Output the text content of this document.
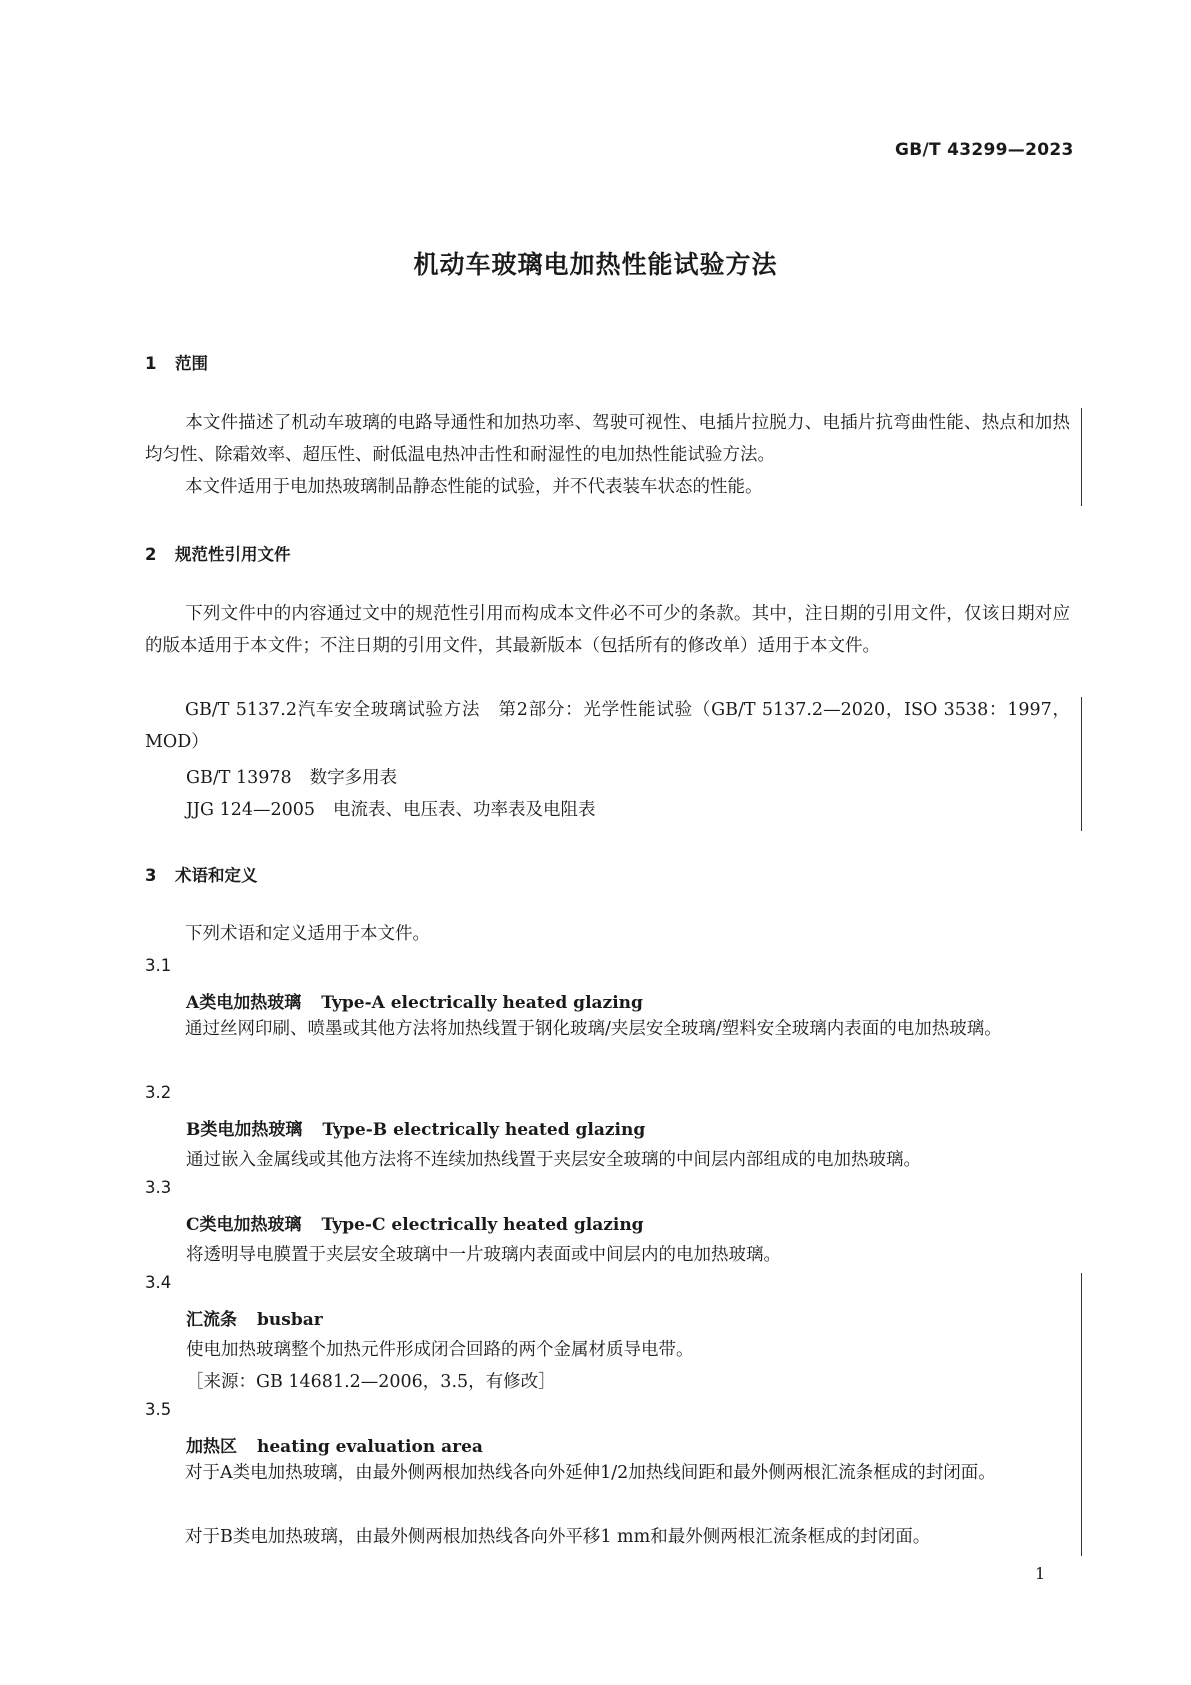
GB/T 43299—2023
机动车玻璃电加热性能试验方法
1 范围
本文件描述了机动车玻璃的电路导通性和加热功率、驾驶可视性、电插片拉脱力、电插片抗弯曲性能、热点和加热均匀性、除霜效率、超压性、耐低温电热冲击性和耐湿性的电加热性能试验方法。
本文件适用于电加热玻璃制品静态性能的试验，并不代表装车状态的性能。
2 规范性引用文件
下列文件中的内容通过文中的规范性引用而构成本文件必不可少的条款。其中，注日期的引用文件，仅该日期对应的版本适用于本文件；不注日期的引用文件，其最新版本（包括所有的修改单）适用于本文件。
GB/T 5137.2汽车安全玻璃试验方法　第2部分：光学性能试验（GB/T 5137.2—2020，ISO 3538：1997，MOD）
GB/T 13978 数字多用表
JJG 124—2005 电流表、电压表、功率表及电阻表
3 术语和定义
下列术语和定义适用于本文件。
3.1
A类电加热玻璃 Type-A electrically heated glazing
通过丝网印刷、喷墨或其他方法将加热线置于钢化玻璃/夹层安全玻璃/塑料安全玻璃内表面的电加热玻璃。
3.2
B类电加热玻璃 Type-B electrically heated glazing
通过嵌入金属线或其他方法将不连续加热线置于夹层安全玻璃的中间层内部组成的电加热玻璃。
3.3
C类电加热玻璃 Type-C electrically heated glazing
将透明导电膜置于夹层安全玻璃中一片玻璃内表面或中间层内的电加热玻璃。
3.4
汇流条 busbar
使电加热玻璃整个加热元件形成闭合回路的两个金属材质导电带。
［来源：GB 14681.2—2006，3.5，有修改］
3.5
加热区 heating evaluation area
对于A类电加热玻璃，由最外侧两根加热线各向外延伸1/2加热线间距和最外侧两根汇流条框成的封闭面。
对于B类电加热玻璃，由最外侧两根加热线各向外平移1 mm和最外侧两根汇流条框成的封闭面。
1
